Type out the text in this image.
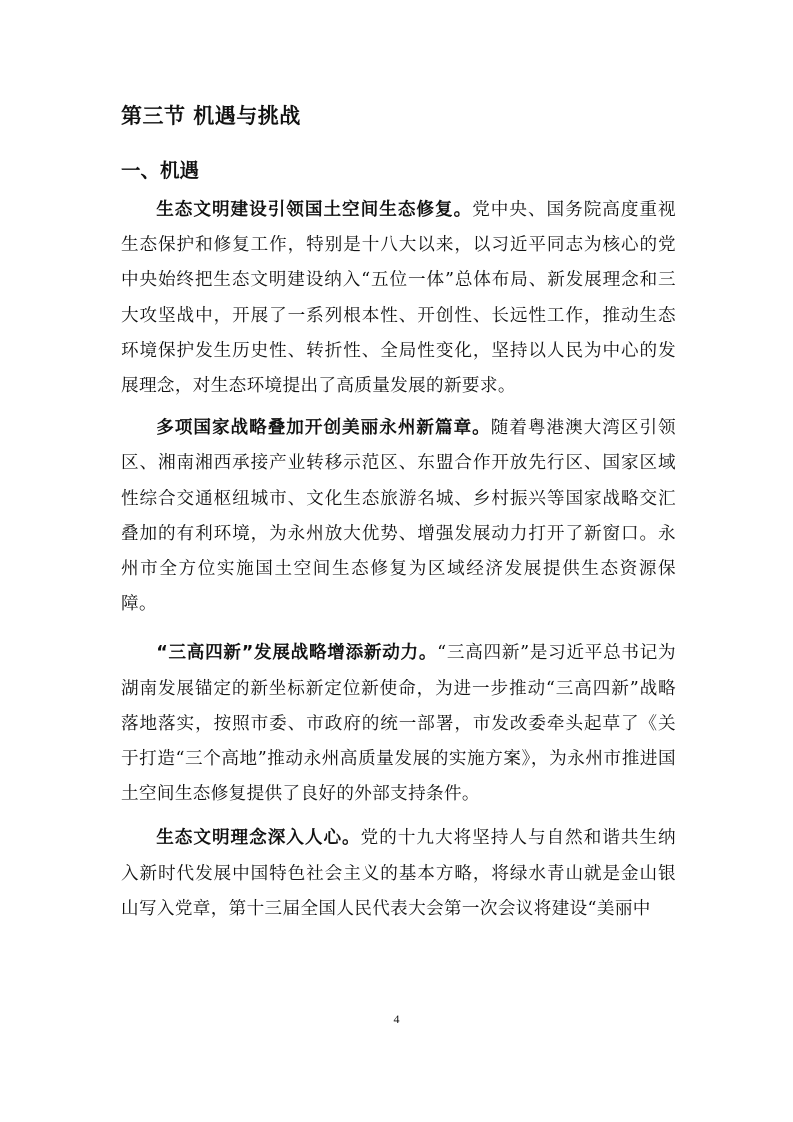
第三节 机遇与挑战
一、机遇

生态文明建设引领国土空间生态修复。党中央、国务院高度重视生态保护和修复工作，特别是十八大以来，以习近平同志为核心的党中央始终把生态文明建设纳入“五位一体”总体布局、新发展理念和三大攻坚战中，开展了一系列根本性、开创性、长远性工作，推动生态环境保护发生历史性、转折性、全局性变化，坚持以人民为中心的发展理念，对生态环境提出了高质量发展的新要求。

多项国家战略叠加开创美丽永州新篇章。随着粤港澳大湾区引领区、湘南湘西承接产业转移示范区、东盟合作开放先行区、国家区域性综合交通枢纽城市、文化生态旅游名城、乡村振兴等国家战略交汇叠加的有利环境，为永州放大优势、增强发展动力打开了新窗口。永州市全方位实施国土空间生态修复为区域经济发展提供生态资源保障。

“三高四新”发展战略增添新动力。“三高四新”是习近平总书记为湖南发展锚定的新坐标新定位新使命，为进一步推动“三高四新”战略落地落实，按照市委、市政府的统一部署，市发改委牵头起草了《关于打造“三个高地”推动永州高质量发展的实施方案》，为永州市推进国土空间生态修复提供了良好的外部支持条件。

生态文明理念深入人心。党的十九大将坚持人与自然和谐共生纳入新时代发展中国特色社会主义的基本方略，将绿水青山就是金山银山写入党章，第十三届全国人民代表大会第一次会议将建设“美丽中

4
